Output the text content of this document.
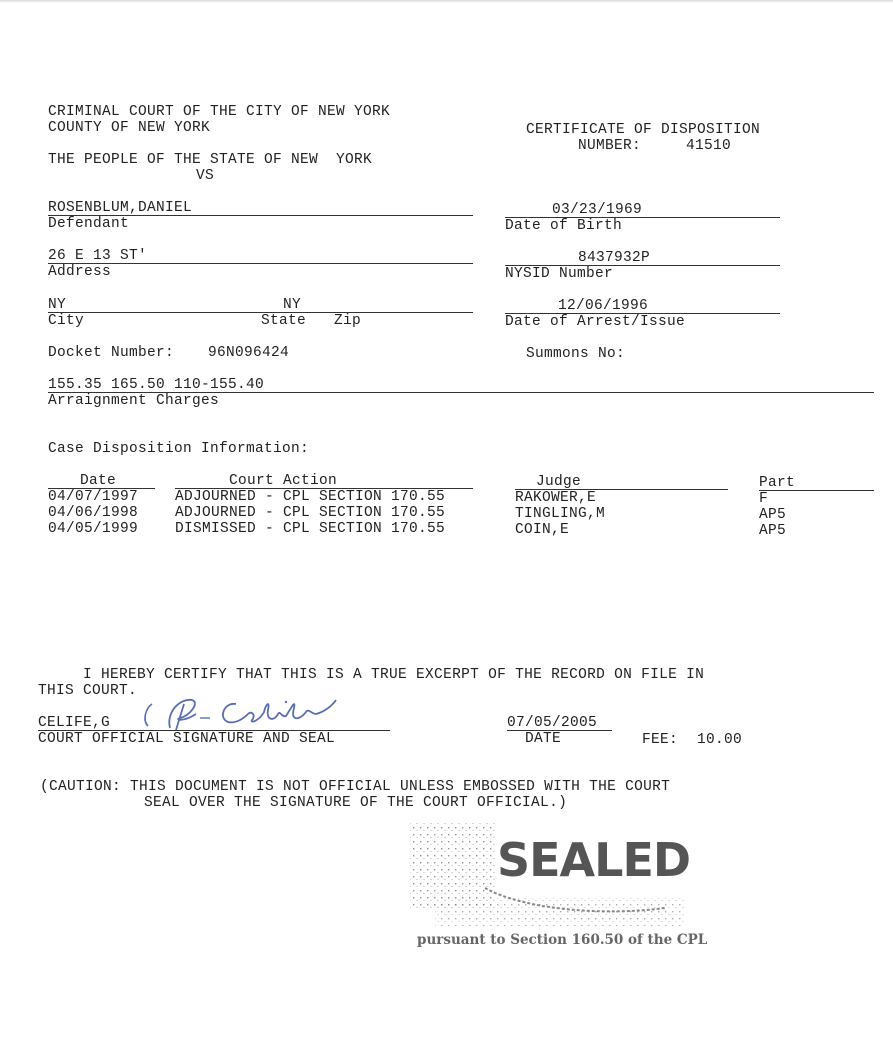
CRIMINAL COURT OF THE CITY OF NEW YORK
COUNTY OF NEW YORK
THE PEOPLE OF THE STATE OF NEW  YORK
VS
CERTIFICATE OF DISPOSITION
NUMBER:	41510
ROSENBLUM,DANIEL
Defendant
03/23/1969
Date of Birth
26 E 13 ST'
Address
8437932P
NYSID Number
NY	NY
City	State Zip
12/06/1996
Date of Arrest/Issue
Docket Number: 96N096424	Summons No:
155.35 165.50 110-155.40
Arraignment Charges
Case Disposition Information:
Date	Court Action	Judge	Part
04/07/1997	ADJOURNED - CPL SECTION 170.55	RAKOWER,E	F
04/06/1998	ADJOURNED - CPL SECTION 170.55	TINGLING,M	AP5
04/05/1999	DISMISSED - CPL SECTION 170.55	COIN,E	AP5
I HEREBY CERTIFY THAT THIS IS A TRUE EXCERPT OF THE RECORD ON FILE IN
THIS COURT.
CELIFE,G
COURT OFFICIAL SIGNATURE AND SEAL
07/05/2005
DATE	FEE: 10.00
(CAUTION: THIS DOCUMENT IS NOT OFFICIAL UNLESS EMBOSSED WITH THE COURT
SEAL OVER THE SIGNATURE OF THE COURT OFFICIAL.)
SEALED
pursuant to Section 160.50 of the CPL
